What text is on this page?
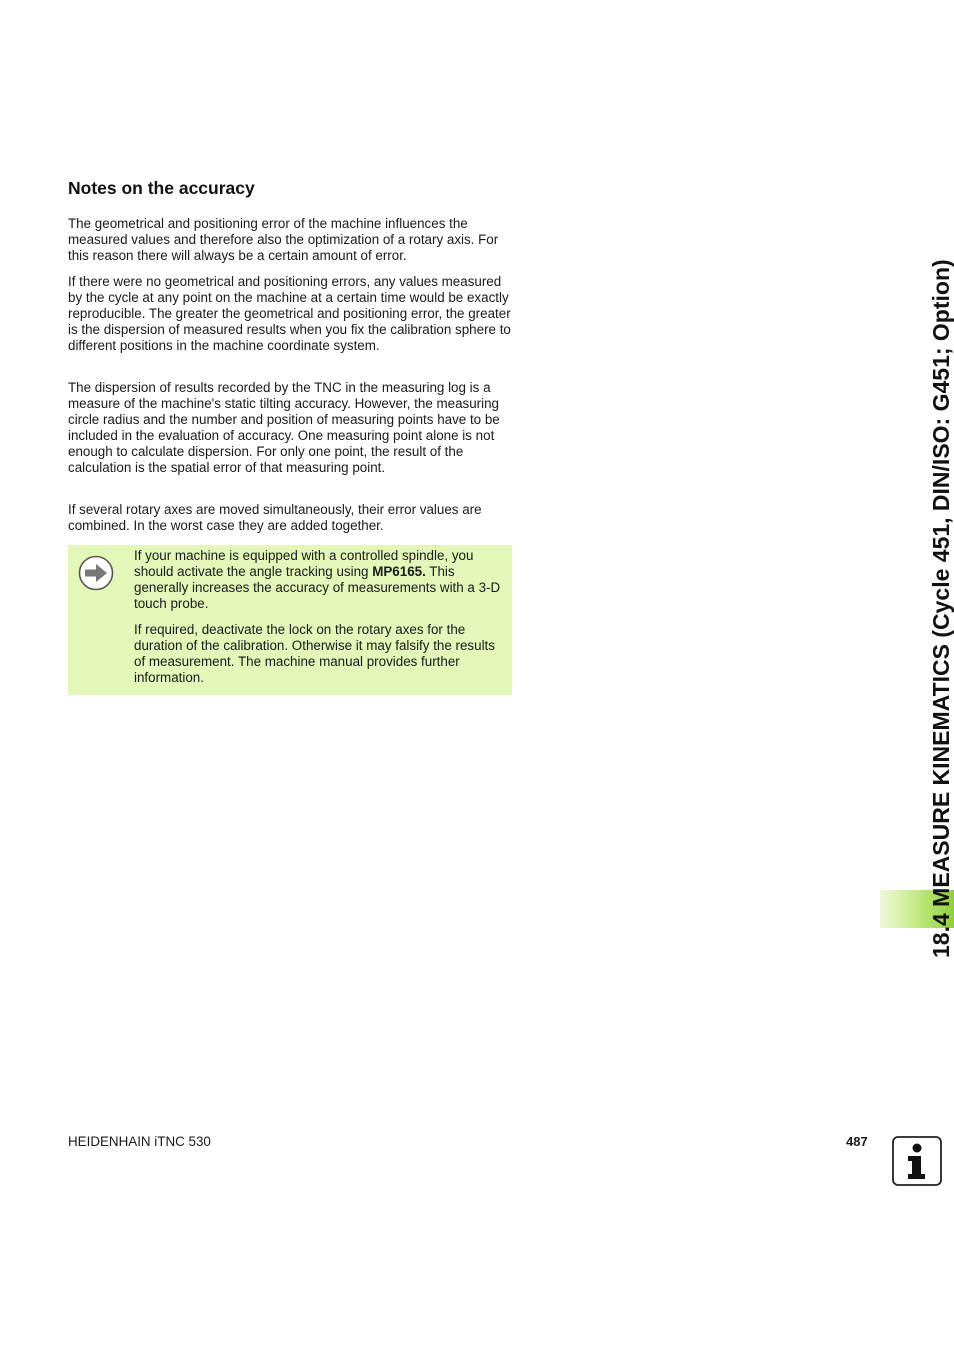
Notes on the accuracy

The geometrical and positioning error of the machine influences the measured values and therefore also the optimization of a rotary axis. For this reason there will always be a certain amount of error.

If there were no geometrical and positioning errors, any values measured by the cycle at any point on the machine at a certain time would be exactly reproducible. The greater the geometrical and positioning error, the greater is the dispersion of measured results when you fix the calibration sphere to different positions in the machine coordinate system.

The dispersion of results recorded by the TNC in the measuring log is a measure of the machine's static tilting accuracy. However, the measuring circle radius and the number and position of measuring points have to be included in the evaluation of accuracy. One measuring point alone is not enough to calculate dispersion. For only one point, the result of the calculation is the spatial error of that measuring point.

If several rotary axes are moved simultaneously, their error values are combined. In the worst case they are added together.

If your machine is equipped with a controlled spindle, you should activate the angle tracking using MP6165. This generally increases the accuracy of measurements with a 3-D touch probe.

If required, deactivate the lock on the rotary axes for the duration of the calibration. Otherwise it may falsify the results of measurement. The machine manual provides further information.	18.4 MEASURE KINEMATICS (Cycle 451, DIN/ISO: G451; Option)
HEIDENHAIN iTNC 530	487
